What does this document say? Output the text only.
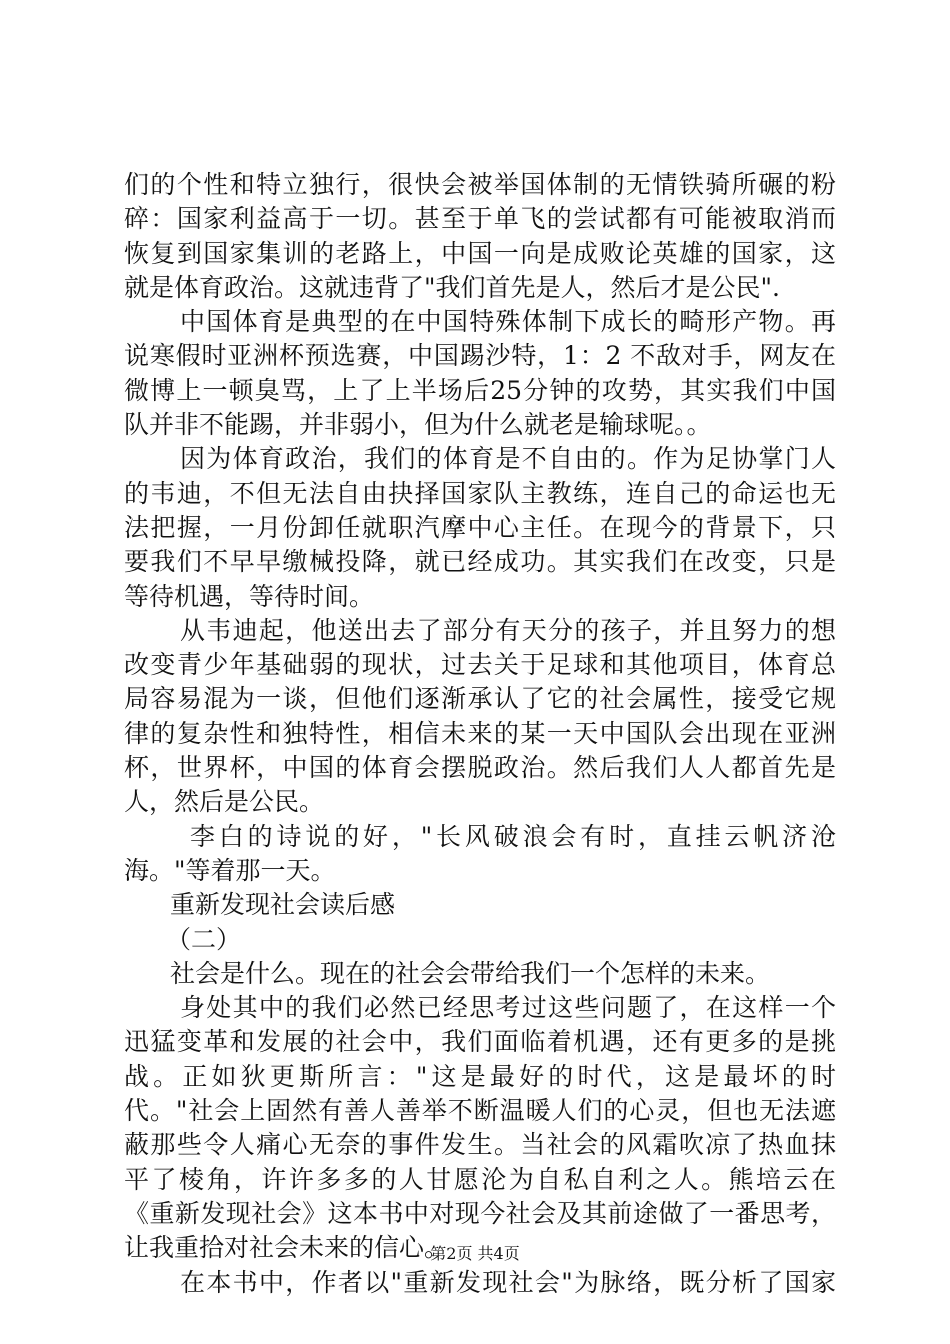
们的个性和特立独行，很快会被举国体制的无情铁骑所碾的粉
碎：国家利益高于一切。甚至于单飞的尝试都有可能被取消而
恢复到国家集训的老路上，中国一向是成败论英雄的国家，这
就是体育政治。这就违背了"我们首先是人，然后才是公民".
中国体育是典型的在中国特殊体制下成长的畸形产物。再
说寒假时亚洲杯预选赛，中国踢沙特，1：2 不敌对手，网友在
微博上一顿臭骂，上了上半场后25分钟的攻势，其实我们中国
队并非不能踢，并非弱小，但为什么就老是输球呢。。
因为体育政治，我们的体育是不自由的。作为足协掌门人
的韦迪，不但无法自由抉择国家队主教练，连自己的命运也无
法把握，一月份卸任就职汽摩中心主任。在现今的背景下，只
要我们不早早缴械投降，就已经成功。其实我们在改变，只是
等待机遇，等待时间。
从韦迪起，他送出去了部分有天分的孩子，并且努力的想
改变青少年基础弱的现状，过去关于足球和其他项目，体育总
局容易混为一谈，但他们逐渐承认了它的社会属性，接受它规
律的复杂性和独特性，相信未来的某一天中国队会出现在亚洲
杯，世界杯，中国的体育会摆脱政治。然后我们人人都首先是
人，然后是公民。
李白的诗说的好，"长风破浪会有时，直挂云帆济沧
海。"等着那一天。
重新发现社会读后感
（二）
社会是什么。现在的社会会带给我们一个怎样的未来。
身处其中的我们必然已经思考过这些问题了，在这样一个
迅猛变革和发展的社会中，我们面临着机遇，还有更多的是挑
战。正如狄更斯所言："这是最好的时代，这是最坏的时
代。"社会上固然有善人善举不断温暖人们的心灵，但也无法遮
蔽那些令人痛心无奈的事件发生。当社会的风霜吹凉了热血抹
平了棱角，许许多多的人甘愿沦为自私自利之人。熊培云在
《重新发现社会》这本书中对现今社会及其前途做了一番思考，
让我重拾对社会未来的信心。
在本书中，作者以"重新发现社会"为脉络，既分析了国家
第2页 共4页
